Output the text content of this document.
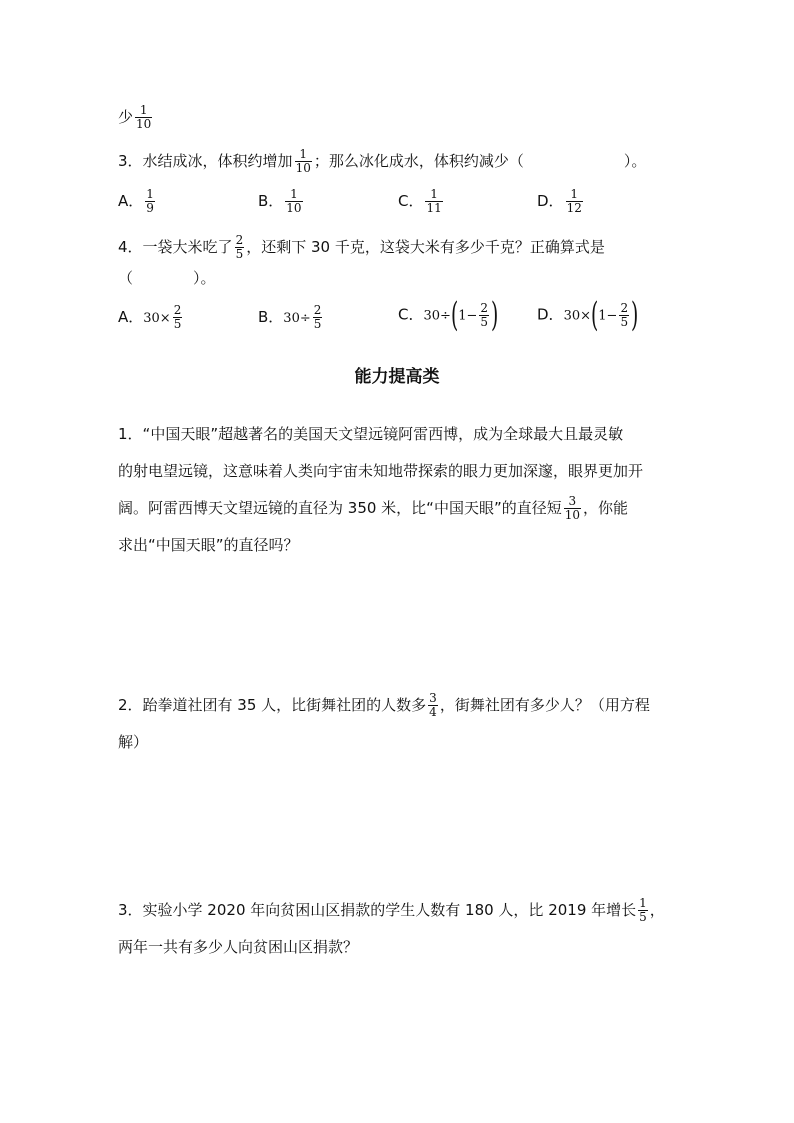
少 $\frac{1}{10}$
3．水结成冰，体积约增加 $\frac{1}{10}$ ；那么冰化成水，体积约减少（	）。
A． $\frac{1}{9}$	B． $\frac{1}{10}$	C． $\frac{1}{11}$	D． $\frac{1}{12}$
4．一袋大米吃了 $\frac{2}{5}$ ，还剩下 30 千克，这袋大米有多少千克？正确算式是
（　　　　）。
A．$30\times \frac{2}{5}$	B．$30\div \frac{2}{5}$	C．$30\div(1- \frac{2}{5}$ )	D．$30\times(1- \frac{2}{5}$ )
能力提高类
1．“中国天眼”超越著名的美国天文望远镜阿雷西博，成为全球最大且最灵敏
的射电望远镜，这意味着人类向宇宙未知地带探索的眼力更加深邃，眼界更加开
阔。阿雷西博天文望远镜的直径为 350 米，比“中国天眼”的直径短 $\frac{3}{10}$ ，你能
求出“中国天眼”的直径吗？
2．跆拳道社团有 35 人，比街舞社团的人数多 $\frac{3}{4}$ ，街舞社团有多少人？（用方程
解）
3．实验小学 2020 年向贫困山区捐款的学生人数有 180 人，比 2019 年增长 $\frac{1}{5}$ ，
两年一共有多少人向贫困山区捐款？
